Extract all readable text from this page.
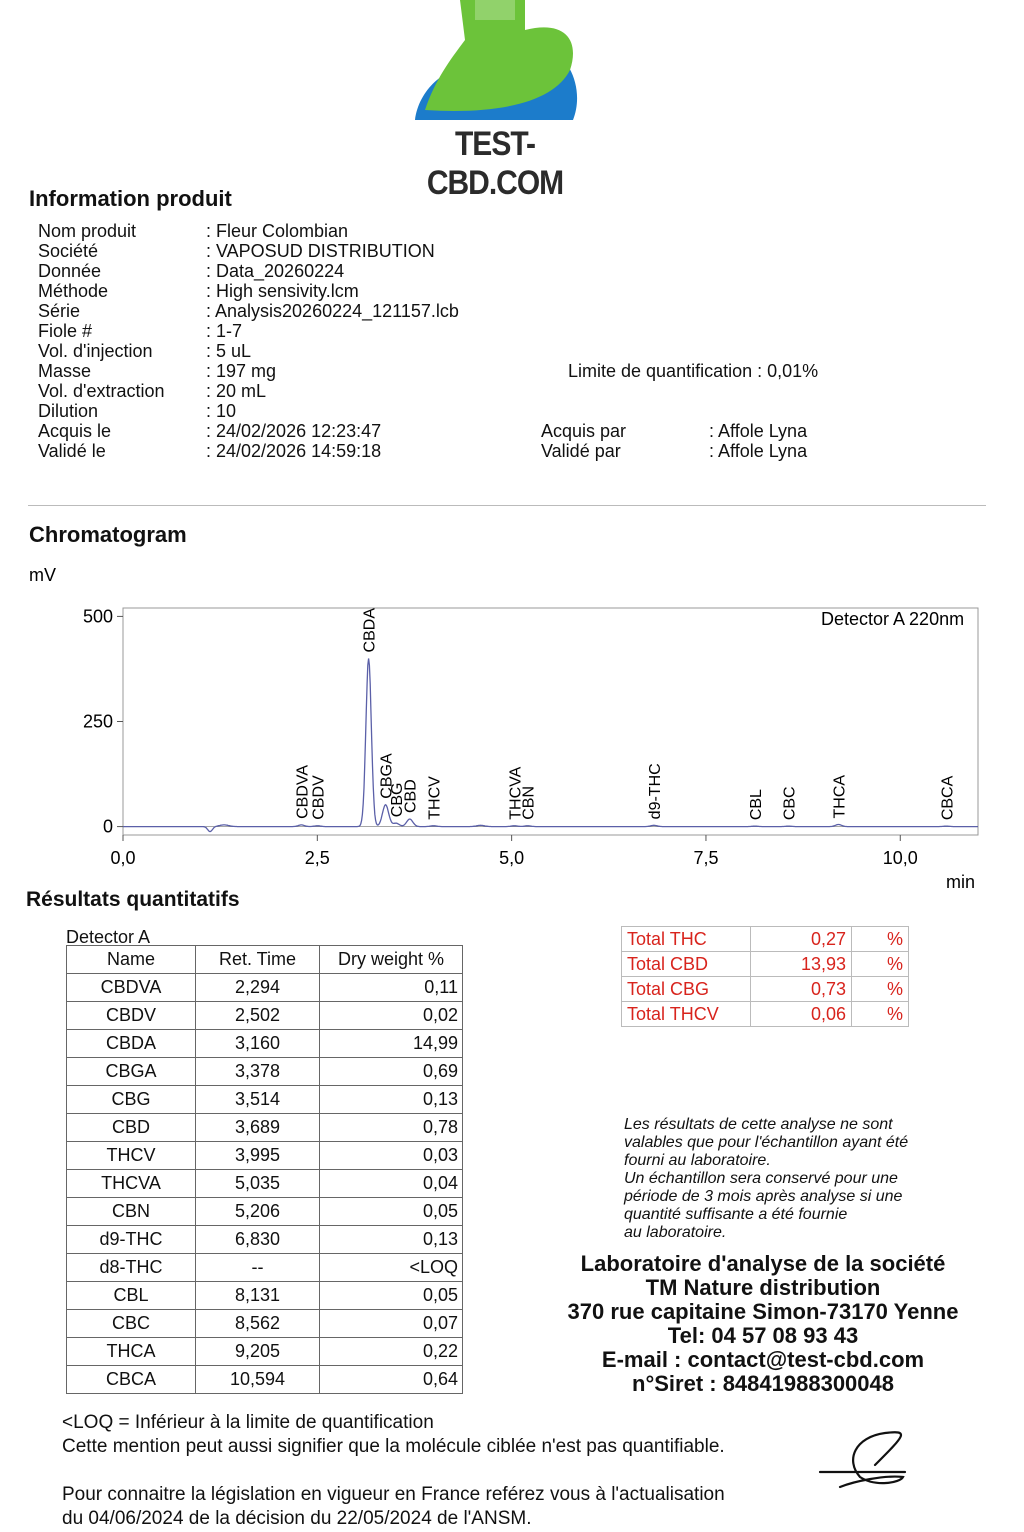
TEST-CBD.COM
Information produit
Nom produit	: Fleur Colombian
Société	: VAPOSUD DISTRIBUTION
Donnée	: Data_20260224
Méthode	: High sensivity.lcm
Série	: Analysis20260224_121157.lcb
Fiole #	: 1-7
Vol. d'injection	: 5 uL
Masse	: 197 mg
Vol. d'extraction	: 20 mL
Dilution	: 10
Acquis le	: 24/02/2026 12:23:47
Validé le	: 24/02/2026 14:59:18
Limite de quantification : 0,01%
Acquis par	: Affole Lyna
Validé par	: Affole Lyna
Chromatogram
mV
min
Detector A 220nm
0
250
500
0,0	2,5	5,0	7,5	10,0
CBDVA CBDV
CBDA
CBGA
CBG
CBD THCV	THCVA
CBN	d9-THC	CBL CBC THCA	CBCA
Résultats quantitatifs
Detector A
Name	Ret. Time	Dry weight %
CBDVA	2,294	0,11
CBDV	2,502	0,02
CBDA	3,160	14,99
CBGA	3,378	0,69
CBG	3,514	0,13
CBD	3,689	0,78
THCV	3,995	0,03
THCVA	5,035	0,04
CBN	5,206	0,05
d9-THC	6,830	0,13
d8-THC	--	<LOQ
CBL	8,131	0,05
CBC	8,562	0,07
THCA	9,205	0,22
CBCA	10,594	0,64
Total THC	0,27	%
Total CBD	13,93	%
Total CBG	0,73	%
Total THCV	0,06	%
Les résultats de cette analyse ne sont
valables que pour l'échantillon ayant été
fourni au laboratoire.
Un échantillon sera conservé pour une
période de 3 mois après analyse si une
quantité suffisante a été fournie
au laboratoire.
Laboratoire d'analyse de la société
TM Nature distribution
370 rue capitaine Simon-73170 Yenne
Tel: 04 57 08 93 43
E-mail : contact@test-cbd.com
n°Siret : 84841988300048
<LOQ = Inférieur à la limite de quantification
Cette mention peut aussi signifier que la molécule ciblée n'est pas quantifiable.
Pour connaitre la législation en vigueur en France reférez vous à l'actualisation
du 04/06/2024 de la décision du 22/05/2024 de l'ANSM.
